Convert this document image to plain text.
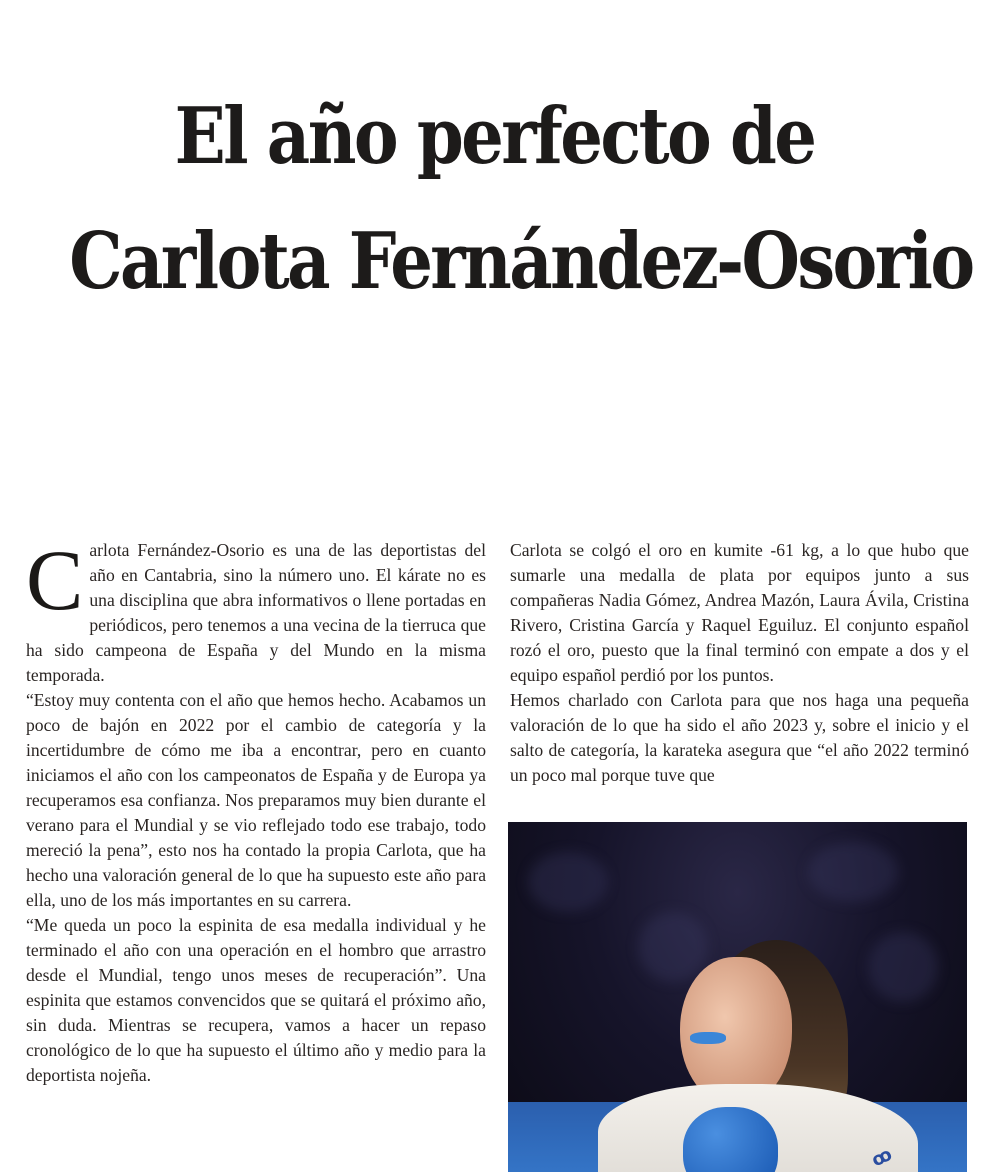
El año perfecto de
Carlota Fernández-Osorio
C arlota Fernández-Osorio es una de las deportistas del año en Cantabria, sino la número uno. El kárate no es una disciplina que abra informativos o llene portadas en periódicos, pero tenemos a una vecina de la tierruca que ha sido campeona de España y del Mundo en la misma temporada.

“Estoy muy contenta con el año que hemos hecho. Acabamos un poco de bajón en 2022 por el cambio de categoría y la incertidumbre de cómo me iba a encontrar, pero en cuanto iniciamos el año con los campeonatos de España y de Europa ya recuperamos esa confianza. Nos preparamos muy bien durante el verano para el Mundial y se vio reflejado todo ese trabajo, todo mereció la pena”, esto nos ha contado la propia Carlota, que ha hecho una valoración general de lo que ha supuesto este año para ella, uno de los más importantes en su carrera.

“Me queda un poco la espinita de esa medalla individual y he terminado el año con una operación en el hombro que arrastro desde el Mundial, tengo unos meses de recuperación”. Una espinita que estamos convencidos que se quitará el próximo año, sin duda. Mientras se recupera, vamos a hacer un repaso cronológico de lo que ha supuesto el último año y medio para la deportista nojeña.

Carlota se colgó el oro en kumite -61 kg, a lo que hubo que sumarle una medalla de plata por equipos junto a sus compañeras Nadia Gómez, Andrea Mazón, Laura Ávila, Cristina Rivero, Cristina García y Raquel Eguiluz. El conjunto español rozó el oro, puesto que la final terminó con empate a dos y el equipo español perdió por los puntos.

Hemos charlado con Carlota para que nos haga una pequeña valoración de lo que ha sido el año 2023 y, sobre el inicio y el salto de categoría, la karateka asegura que “el año 2022 terminó un poco mal porque tuve que

ꝏ
